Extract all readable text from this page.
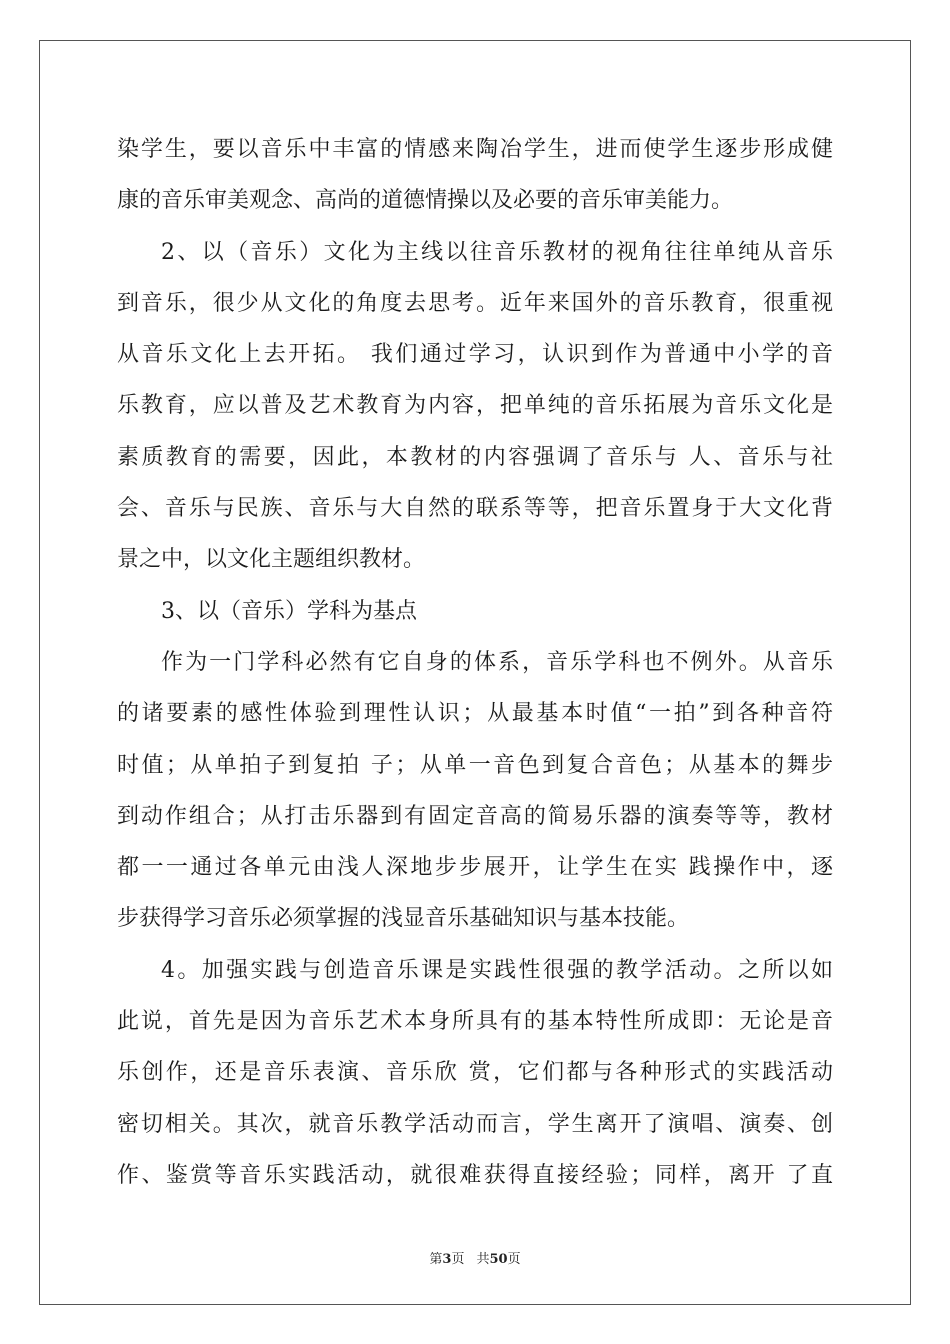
染学生，要以音乐中丰富的情感来陶冶学生，进而使学生逐步形成健
康的音乐审美观念、高尚的道德情操以及必要的音乐审美能力。
2、以（音乐）文化为主线以往音乐教材的视角往往单纯从音乐
到音乐，很少从文化的角度去思考。近年来国外的音乐教育，很重视
从音乐文化上去开拓。 我们通过学习，认识到作为普通中小学的音
乐教育，应以普及艺术教育为内容，把单纯的音乐拓展为音乐文化是
素质教育的需要，因此，本教材的内容强调了音乐与 人、音乐与社
会、音乐与民族、音乐与大自然的联系等等，把音乐置身于大文化背
景之中，以文化主题组织教材。
3、以（音乐）学科为基点
作为一门学科必然有它自身的体系，音乐学科也不例外。从音乐
的诸要素的感性体验到理性认识；从最基本时值“一拍”到各种音符
时值；从单拍子到复拍 子；从单一音色到复合音色；从基本的舞步
到动作组合；从打击乐器到有固定音高的简易乐器的演奏等等，教材
都一一通过各单元由浅人深地步步展开，让学生在实 践操作中，逐
步获得学习音乐必须掌握的浅显音乐基础知识与基本技能。
4。加强实践与创造音乐课是实践性很强的教学活动。之所以如
此说，首先是因为音乐艺术本身所具有的基本特性所成即：无论是音
乐创作，还是音乐表演、音乐欣 赏，它们都与各种形式的实践活动
密切相关。其次，就音乐教学活动而言，学生离开了演唱、演奏、创
作、鉴赏等音乐实践活动，就很难获得直接经验；同样，离开 了直
第3页 共50页
